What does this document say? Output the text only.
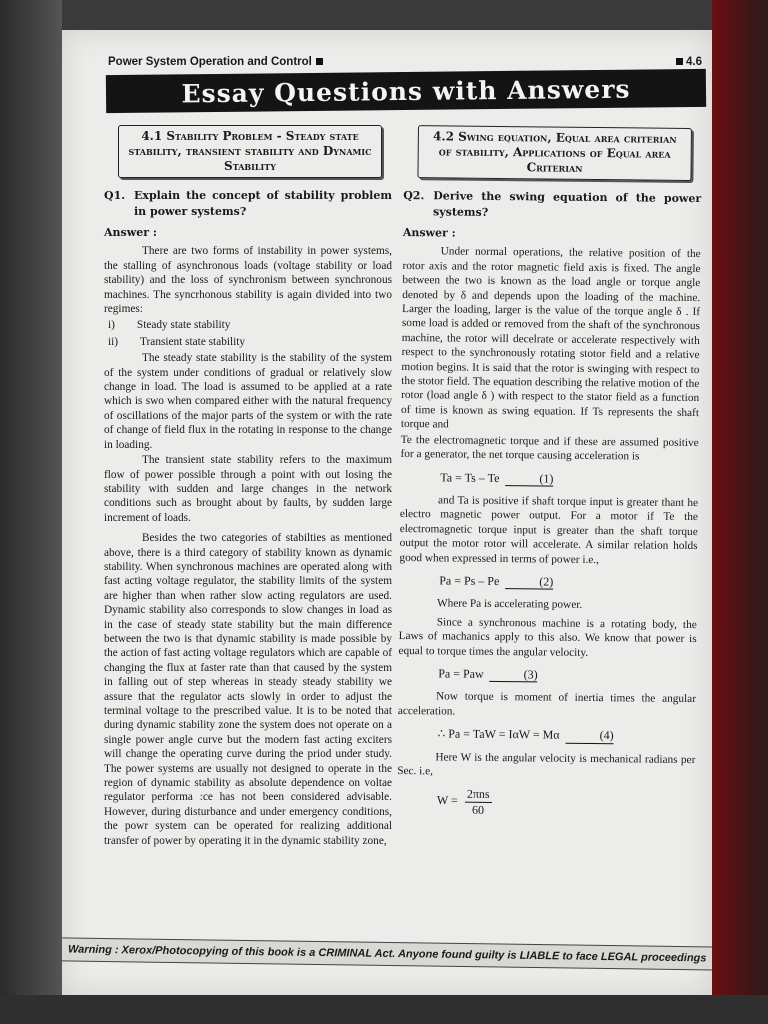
Power System Operation and Control	4.6
Essay Questions with Answers
4.1 Stability Problem - Steady state stability, transient stability and Dynamic Stability
Q1. Explain the concept of stability problem in power systems?
Answer :

There are two forms of instability in power systems, the stalling of asynchronous loads (voltage stability or load stability) and the loss of synchronism between synchronous machines. The syncrhonous stability is again divided into two regimes:

i) Steady state stability
ii) Transient state stability

The steady state stability is the stability of the system of the system under conditions of gradual or relatively slow change in load. The load is assumed to be applied at a rate which is swo when compared either with the natural frequency of oscillations of the major parts of the system or with the rate of change of field flux in the rotating in response to the change in loading.

The transient state stability refers to the maximum flow of power possible through a point with out losing the stability with sudden and large changes in the network conditions such as brought about by faults, by sudden large increment of loads.

Besides the two categories of stabilties as mentioned above, there is a third category of stability known as dynamic stability. When synchronous machines are operated along with fast acting voltage regulator, the stability limits of the system are higher than when rather slow acting regulators are used. Dynamic stability also corresponds to slow changes in load as in the case of steady state stability but the main difference between the two is that dynamic stability is made possible by the action of fast acting voltage regulators which are capable of changing the flux at faster rate than that caused by the system in falling out of step whereas in steady steady stability we assure that the regulator acts slowly in order to adjust the terminal voltage to the prescribed value. It is to be noted that during dynamic stability zone the system does not operate on a single power angle curve but the modern fast acting exciters will change the operating curve during the priod under study. The power systems are usually not designed to operate in the region of dynamic stability as absolute dependence on voltae regulator performa :ce has not been considered advisable. However, during disturbance and under emergency conditions, the powr system can be operated for realizing additional transfer of power by operating it in the dynamic stability zone,

4.2 Swing equation, Equal area criterian of stability, Applications of Equal area Criterian
Q2. Derive the swing equation of the power systems?
Answer :

Under normal operations, the relative position of the rotor axis and the rotor magnetic field axis is fixed. The angle between the two is known as the load angle or torque angle denoted by δ and depends upon the loading of the machine. Larger the loading, larger is the value of the torque angle δ . If some load is added or removed from the shaft of the synchronous machine, the rotor will decelrate or accelerate respectively with respect to the synchronously rotating stotor field and a relative motion begins. It is said that the rotor is swinging with respect to the stotor field. The equation describing the relative motion of the rotor (load angle δ ) with respect to the stator field as a function of time is known as swing equation. If Ts represents the shaft torque and

Te the electromagnetic torque and if these are assumed positive for a generator, the net torque causing acceleration is

Ta = Ts – Te	(1)

and Ta is positive if shaft torque input is greater thant he electro magnetic power output. For a motor if Te the electromagnetic torque input is greater than the shaft torque output the motor rotor will accelerate. A similar relation holds good when expressed in terms of power i.e.,

Pa = Ps – Pe	(2)

Where Pa is accelerating power.

Since a synchronous machine is a rotating body, the Laws of machanics apply to this also. We know that power is equal to torque times the angular velocity.

Pa = Paw	(3)

Now torque is moment of inertia times the angular acceleration.

∴ Pa = TaW = IαW = Mα	(4)

Here W is the angular velocity is mechanical radians per Sec. i.e,

$W = \frac{\text{2πns}}{60}$
Warning : Xerox/Photocopying of this book is a CRIMINAL Act. Anyone found guilty is LIABLE to face LEGAL proceedings
